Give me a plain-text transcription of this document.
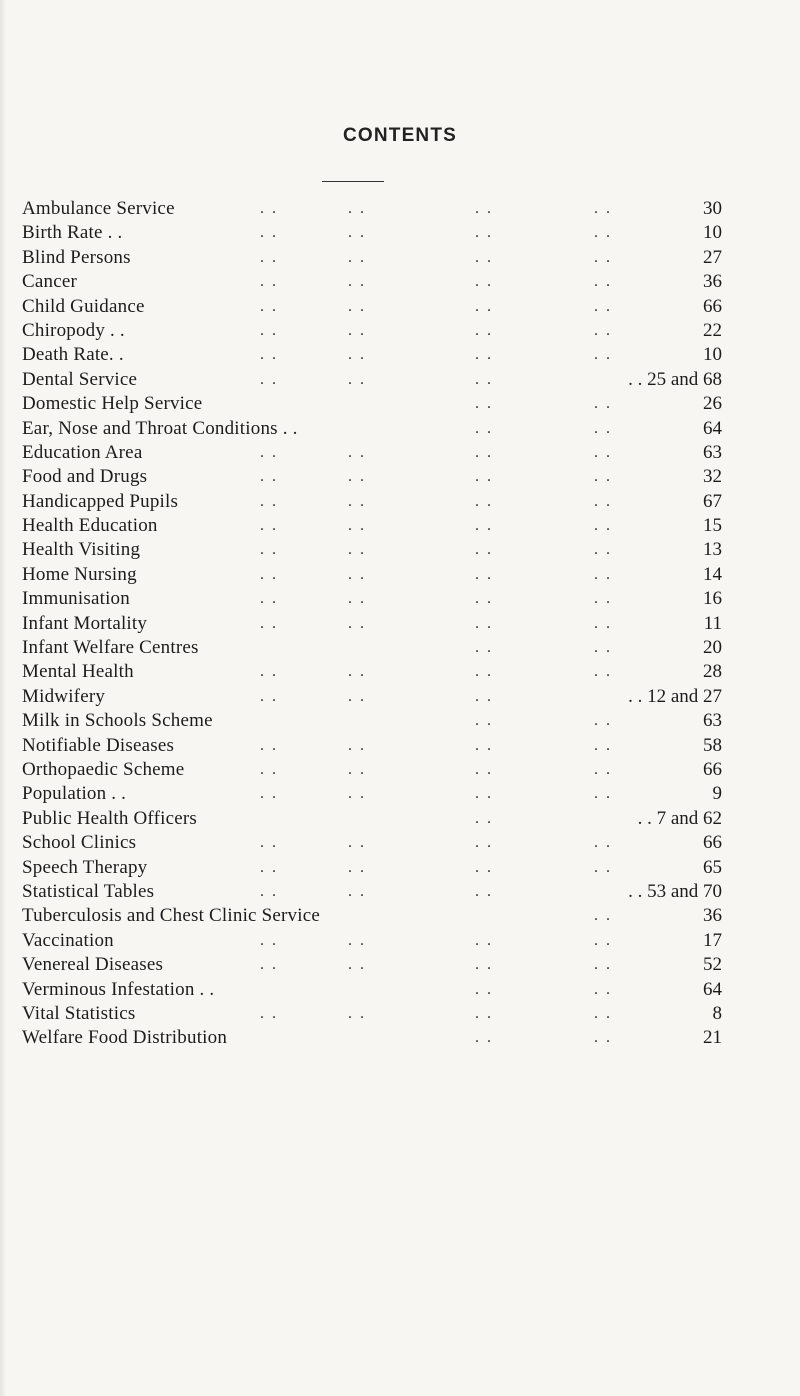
CONTENTS
Ambulance Service	. .	. .	. .	. .	30
Birth Rate . .	. .	. .	. .	. .	10
Blind Persons	. .	. .	. .	. .	27
Cancer	. .	. .	. .	. .	36
Child Guidance	. .	. .	. .	. .	66
Chiropody . .	. .	. .	. .	. .	22
Death Rate. .	. .	. .	. .	. .	10
Dental Service	. .	. .	. .	. . 25 and 68
Domestic Help Service	. .	. .	26
Ear, Nose and Throat Conditions . .	. .	. .	64
Education Area	. .	. .	. .	. .	63
Food and Drugs	. .	. .	. .	. .	32
Handicapped Pupils	. .	. .	. .	. .	67
Health Education	. .	. .	. .	. .	15
Health Visiting	. .	. .	. .	. .	13
Home Nursing	. .	. .	. .	. .	14
Immunisation	. .	. .	. .	. .	16
Infant Mortality	. .	. .	. .	. .	11
Infant Welfare Centres	. .	. .	20
Mental Health	. .	. .	. .	. .	28
Midwifery	. .	. .	. .	. . 12 and 27
Milk in Schools Scheme	. .	. .	63
Notifiable Diseases	. .	. .	. .	. .	58
Orthopaedic Scheme	. .	. .	. .	. .	66
Population . .	. .	. .	. .	. .	9
Public Health Officers	. .	. . 7 and 62
School Clinics	. .	. .	. .	. .	66
Speech Therapy	. .	. .	. .	. .	65
Statistical Tables	. .	. .	. .	. . 53 and 70
Tuberculosis and Chest Clinic Service	. .	36
Vaccination	. .	. .	. .	. .	17
Venereal Diseases	. .	. .	. .	. .	52
Verminous Infestation . .	. .	. .	64
Vital Statistics	. .	. .	. .	. .	8
Welfare Food Distribution	. .	. .	21
